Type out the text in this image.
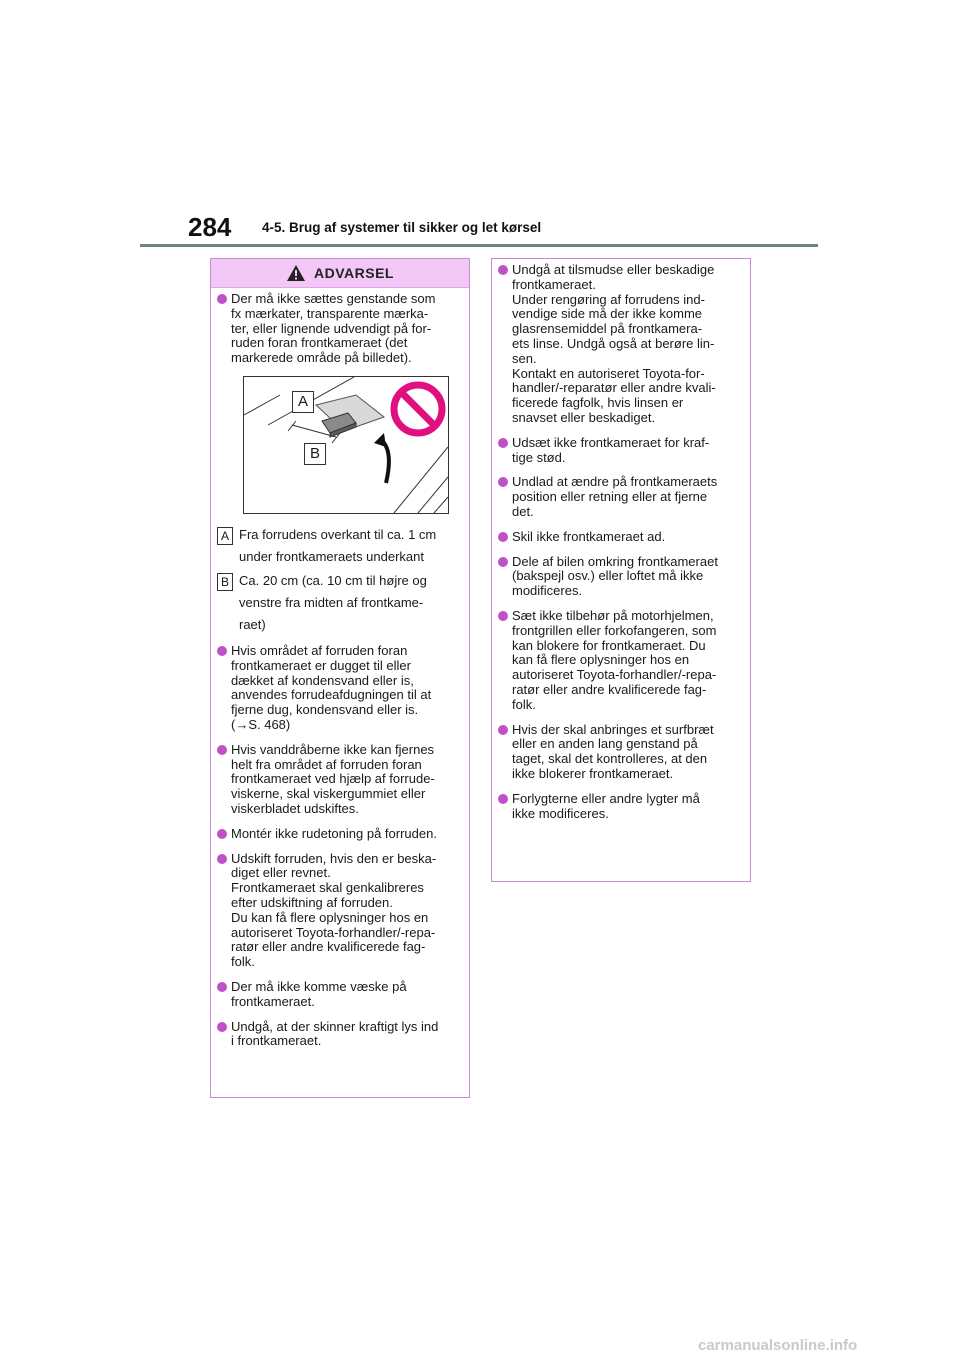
284 4-5. Brug af systemer til sikker og let kørsel
ADVARSEL
Der må ikke sættes genstande som
fx mærkater, transparente mærka-
ter, eller lignende udvendigt på for-
ruden foran frontkameraet (det
markerede område på billedet).
A
B
A Fra forrudens overkant til ca. 1 cm
under frontkameraets underkant
B Ca. 20 cm (ca. 10 cm til højre og
venstre fra midten af frontkame-
raet)
Hvis området af forruden foran
frontkameraet er dugget til eller
dækket af kondensvand eller is,
anvendes forrudeafdugningen til at
fjerne dug, kondensvand eller is.
(→S. 468)
Hvis vanddråberne ikke kan fjernes
helt fra området af forruden foran
frontkameraet ved hjælp af forrude-
viskerne, skal viskergummiet eller
viskerbladet udskiftes.
Montér ikke rudetoning på forruden.
Udskift forruden, hvis den er beska-
diget eller revnet.
Frontkameraet skal genkalibreres
efter udskiftning af forruden.
Du kan få flere oplysninger hos en
autoriseret Toyota-forhandler/-repa-
ratør eller andre kvalificerede fag-
folk.
Der må ikke komme væske på
frontkameraet.
Undgå, at der skinner kraftigt lys ind
i frontkameraet.
Undgå at tilsmudse eller beskadige
frontkameraet.
Under rengøring af forrudens ind-
vendige side må der ikke komme
glasrensemiddel på frontkamera-
ets linse. Undgå også at berøre lin-
sen.
Kontakt en autoriseret Toyota-for-
handler/-reparatør eller andre kvali-
ficerede fagfolk, hvis linsen er
snavset eller beskadiget.
Udsæt ikke frontkameraet for kraf-
tige stød.
Undlad at ændre på frontkameraets
position eller retning eller at fjerne
det.
Skil ikke frontkameraet ad.
Dele af bilen omkring frontkameraet
(bakspejl osv.) eller loftet må ikke
modificeres.
Sæt ikke tilbehør på motorhjelmen,
frontgrillen eller forkofangeren, som
kan blokere for frontkameraet. Du
kan få flere oplysninger hos en
autoriseret Toyota-forhandler/-repa-
ratør eller andre kvalificerede fag-
folk.
Hvis der skal anbringes et surfbræt
eller en anden lang genstand på
taget, skal det kontrolleres, at den
ikke blokerer frontkameraet.
Forlygterne eller andre lygter må
ikke modificeres.
carmanualsonline.info
